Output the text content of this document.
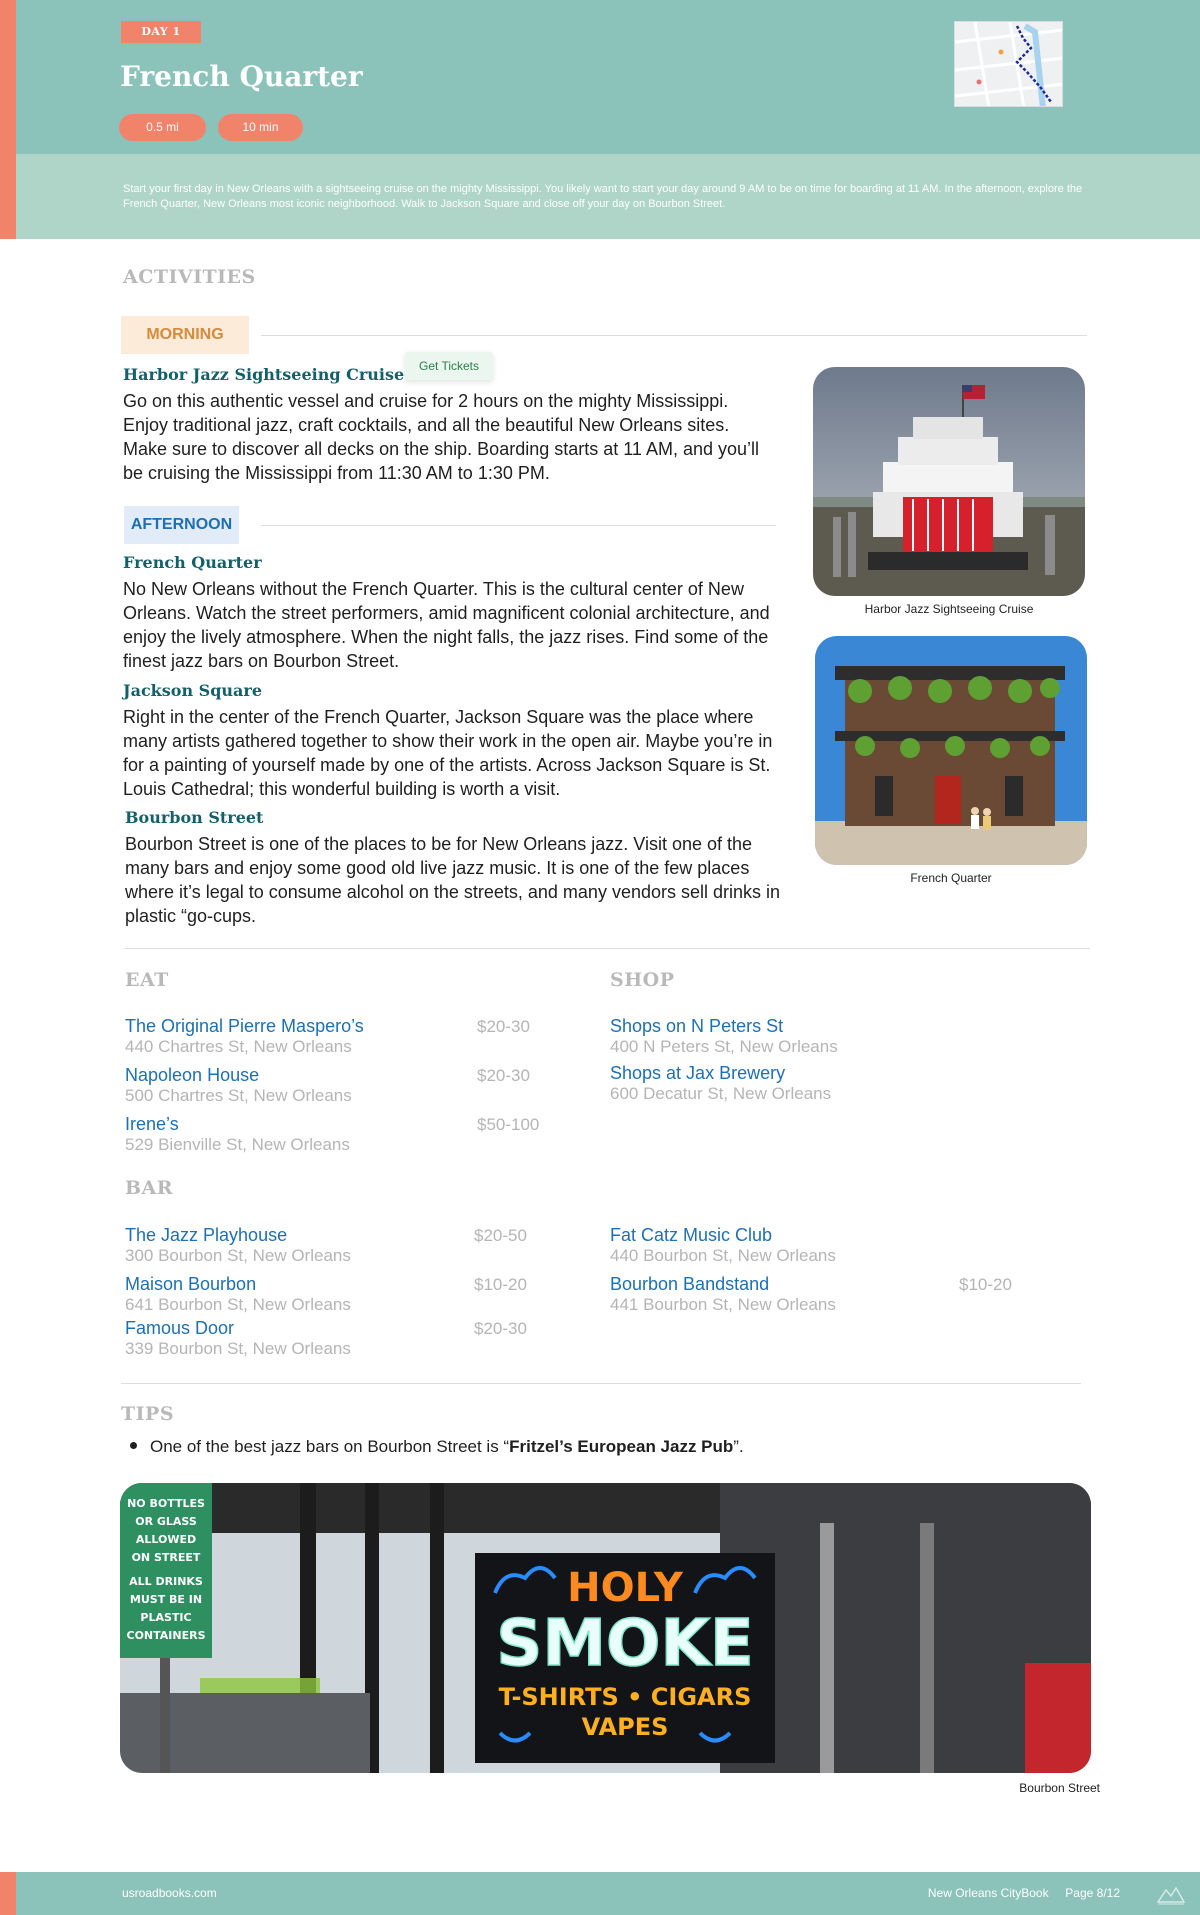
DAY 1
French Quarter
0.5 mi	10 min

Start your first day in New Orleans with a sightseeing cruise on the mighty Mississippi. You likely want to start your day around 9 AM to be on time for boarding at 11 AM. In the afternoon, explore the French Quarter, New Orleans most iconic neighborhood. Walk to Jackson Square and close off your day on Bourbon Street.

ACTIVITIES
MORNING
Harbor Jazz Sightseeing Cruise	Get Tickets
Go on this authentic vessel and cruise for 2 hours on the mighty Mississippi. Enjoy traditional jazz, craft cocktails, and all the beautiful New Orleans sites. Make sure to discover all decks on the ship. Boarding starts at 11 AM, and you’ll be cruising the Mississippi from 11:30 AM to 1:30 PM.
AFTERNOON
French Quarter
No New Orleans without the French Quarter. This is the cultural center of New Orleans. Watch the street performers, amid magnificent colonial architecture, and enjoy the lively atmosphere. When the night falls, the jazz rises. Find some of the finest jazz bars on Bourbon Street.
Jackson Square
Right in the center of the French Quarter, Jackson Square was the place where many artists gathered together to show their work in the open air. Maybe you’re in for a painting of yourself made by one of the artists. Across Jackson Square is St. Louis Cathedral; this wonderful building is worth a visit.
Bourbon Street
Bourbon Street is one of the places to be for New Orleans jazz. Visit one of the many bars and enjoy some good old live jazz music. It is one of the few places where it’s legal to consume alcohol on the streets, and many vendors sell drinks in plastic “go-cups.
Harbor Jazz Sightseeing Cruise
French Quarter
EAT
The Original Pierre Maspero’s
440 Chartres St, New Orleans
$20-30
Napoleon House
500 Chartres St, New Orleans
$20-30
Irene’s
529 Bienville St, New Orleans
$50-100
SHOP
Shops on N Peters St
400 N Peters St, New Orleans
Shops at Jax Brewery
600 Decatur St, New Orleans
BAR
The Jazz Playhouse
300 Bourbon St, New Orleans
$20-50
Maison Bourbon
641 Bourbon St, New Orleans
$10-20
Famous Door
339 Bourbon St, New Orleans
$20-30
Fat Catz Music Club
440 Bourbon St, New Orleans
Bourbon Bandstand
441 Bourbon St, New Orleans
$10-20
TIPS
One of the best jazz bars on Bourbon Street is “Fritzel’s European Jazz Pub”.
NO BOTTLES
OR GLASS
ALLOWED
ON STREET
ALL DRINKS
MUST BE IN
PLASTIC
CONTAINERS
HOLY
SMOKE
T-SHIRTS • CIGARS
VAPES
Bourbon Street
usroadbooks.com	New Orleans CityBook Page 8/12
